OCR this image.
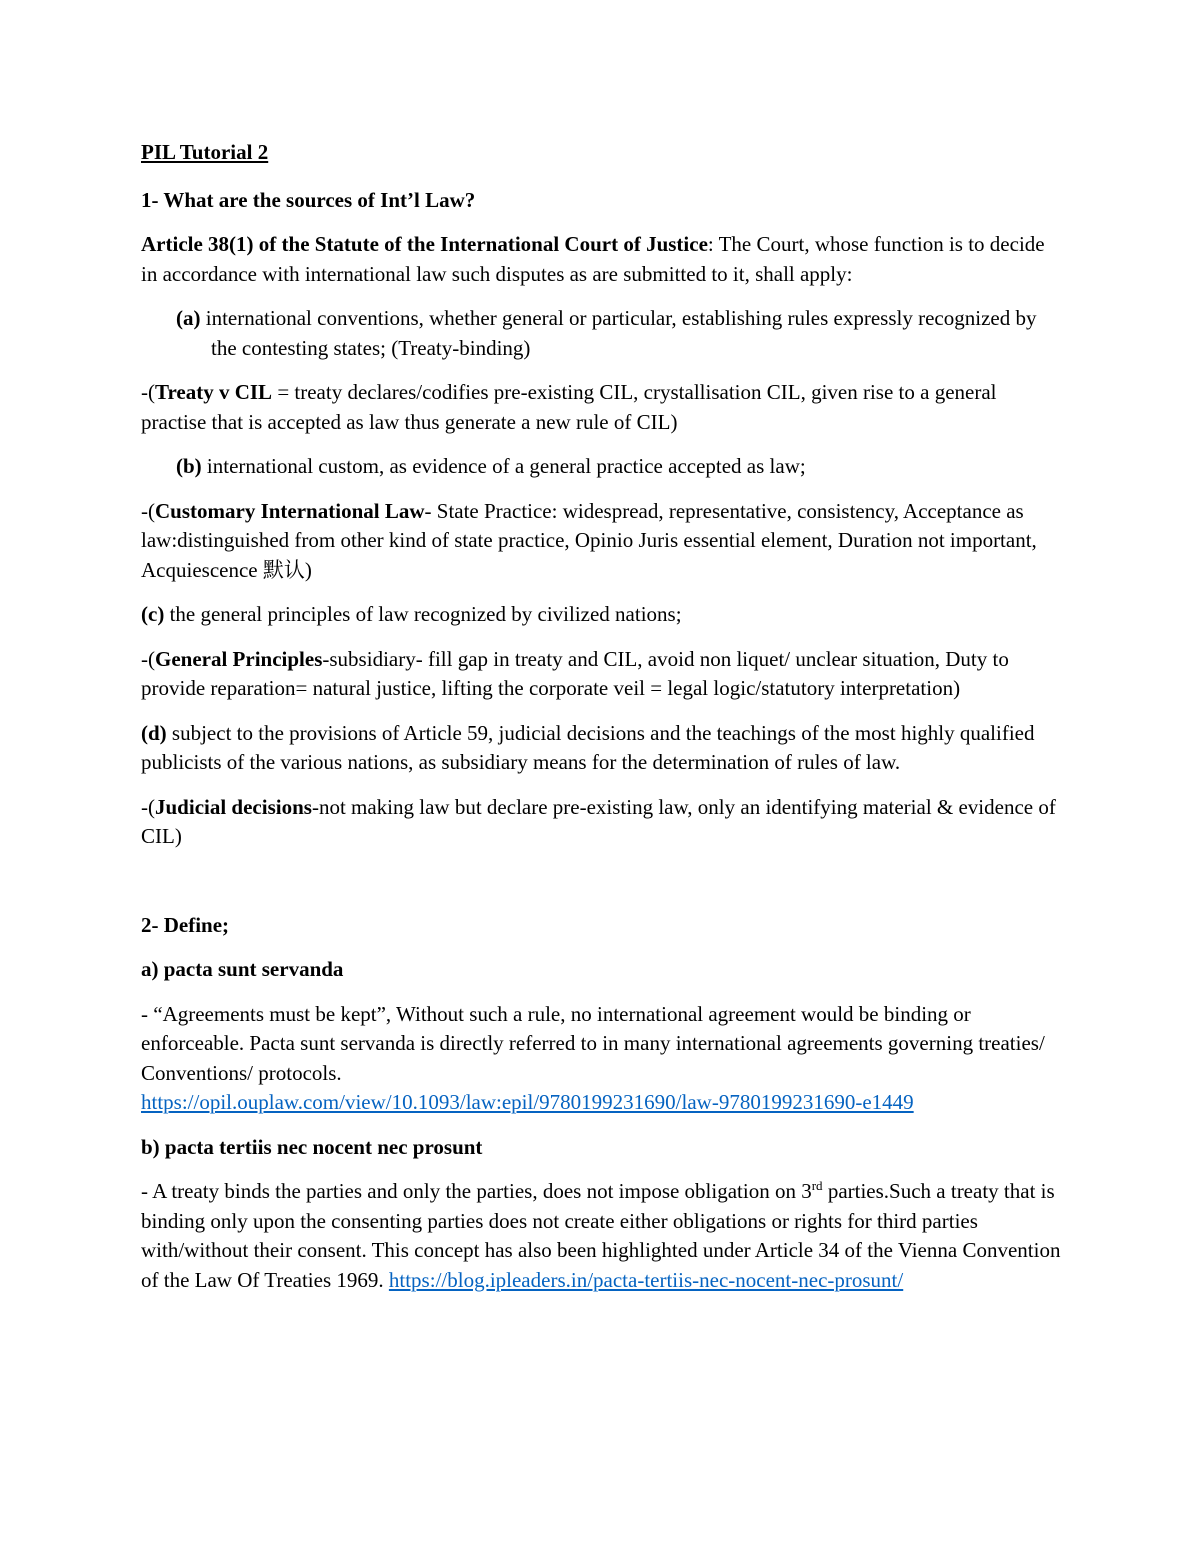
PIL Tutorial 2

1- What are the sources of Int’l Law?

Article 38(1) of the Statute of the International Court of Justice: The Court, whose function is to decide in accordance with international law such disputes as are submitted to it, shall apply:

(a) international conventions, whether general or particular, establishing rules expressly recognized by the contesting states; (Treaty-binding)

-(Treaty v CIL = treaty declares/codifies pre-existing CIL, crystallisation CIL, given rise to a general practise that is accepted as law thus generate a new rule of CIL)

(b) international custom, as evidence of a general practice accepted as law;

-(Customary International Law- State Practice: widespread, representative, consistency, Acceptance as law:distinguished from other kind of state practice, Opinio Juris essential element, Duration not important, Acquiescence 默认)

(c) the general principles of law recognized by civilized nations;

-(General Principles-subsidiary- fill gap in treaty and CIL, avoid non liquet/ unclear situation, Duty to provide reparation= natural justice, lifting the corporate veil = legal logic/statutory interpretation)

(d) subject to the provisions of Article 59, judicial decisions and the teachings of the most highly qualified publicists of the various nations, as subsidiary means for the determination of rules of law.

-(Judicial decisions-not making law but declare pre-existing law, only an identifying material & evidence of CIL)

2- Define;

a) pacta sunt servanda

- “Agreements must be kept”, Without such a rule, no international agreement would be binding or enforceable. Pacta sunt servanda is directly referred to in many international agreements governing treaties/ Conventions/ protocols.
https://opil.ouplaw.com/view/10.1093/law:epil/9780199231690/law-9780199231690-e1449

b) pacta tertiis nec nocent nec prosunt

- A treaty binds the parties and only the parties, does not impose obligation on 3rd parties.Such a treaty that is binding only upon the consenting parties does not create either obligations or rights for third parties with/without their consent. This concept has also been highlighted under Article 34 of the Vienna Convention of the Law Of Treaties 1969. https://blog.ipleaders.in/pacta-tertiis-nec-nocent-nec-prosunt/
